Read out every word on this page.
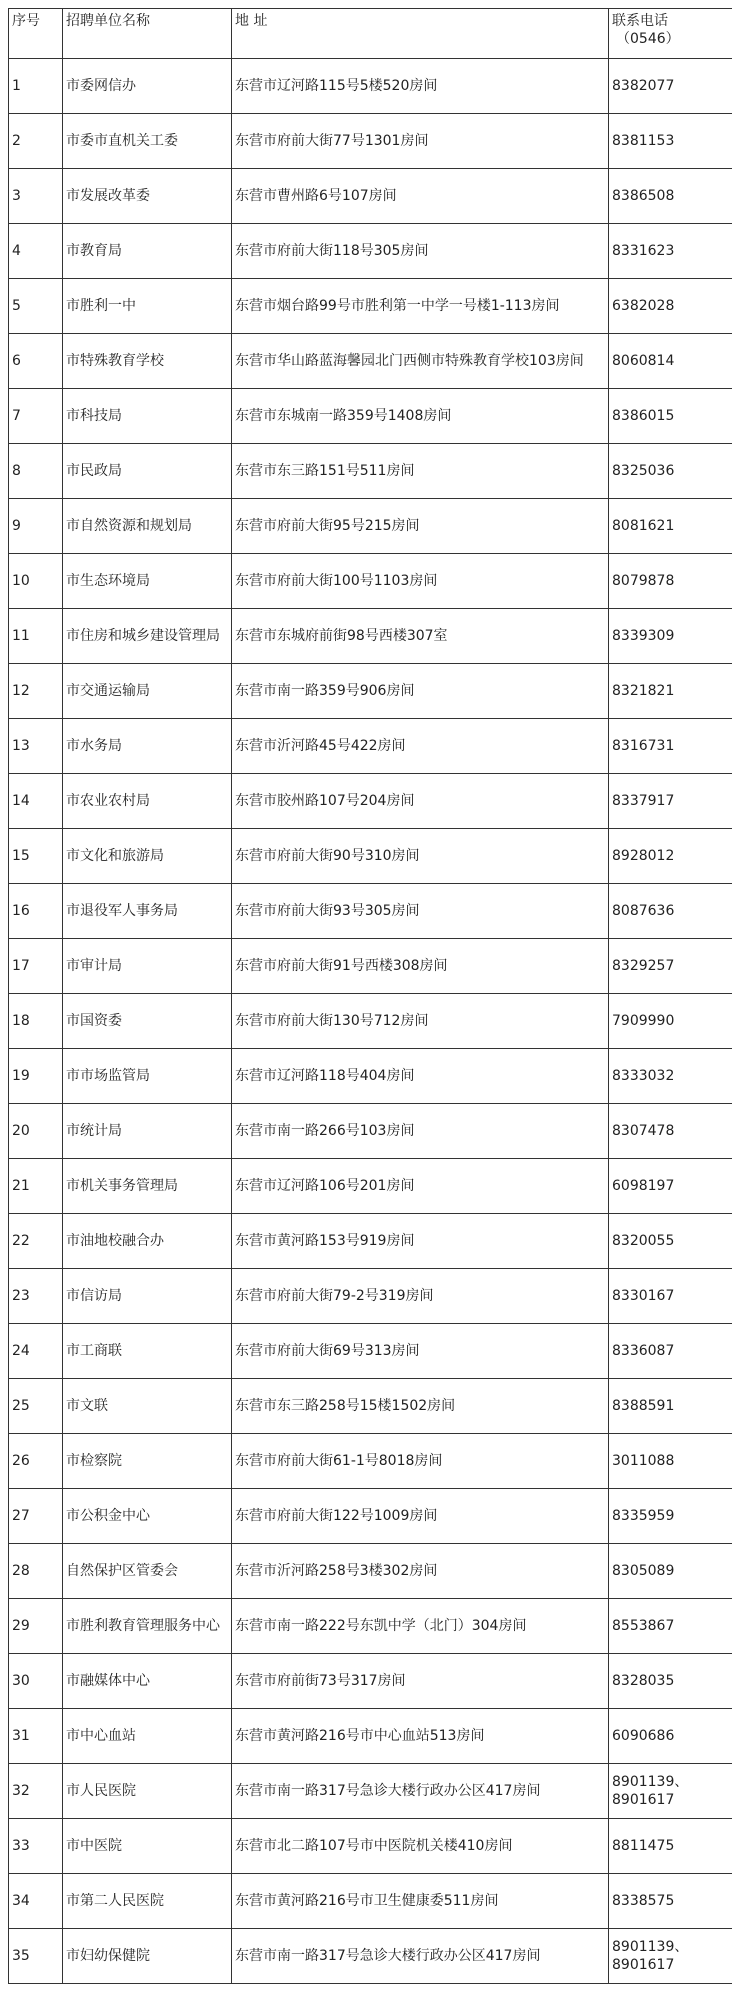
序号	招聘单位名称	地 址	联系电话
（0546）

1	市委网信办	东营市辽河路115号5楼520房间	8382077
2	市委市直机关工委	东营市府前大街77号1301房间	8381153
3	市发展改革委	东营市曹州路6号107房间	8386508
4	市教育局	东营市府前大街118号305房间	8331623
5	市胜利一中	东营市烟台路99号市胜利第一中学一号楼1-113房间	6382028
6	市特殊教育学校	东营市华山路蓝海馨园北门西侧市特殊教育学校103房间	8060814
7	市科技局	东营市东城南一路359号1408房间	8386015
8	市民政局	东营市东三路151号511房间	8325036
9	市自然资源和规划局	东营市府前大街95号215房间	8081621
10	市生态环境局	东营市府前大街100号1103房间	8079878
11	市住房和城乡建设管理局	东营市东城府前街98号西楼307室	8339309
12	市交通运输局	东营市南一路359号906房间	8321821
13	市水务局	东营市沂河路45号422房间	8316731
14	市农业农村局	东营市胶州路107号204房间	8337917
15	市文化和旅游局	东营市府前大街90号310房间	8928012
16	市退役军人事务局	东营市府前大街93号305房间	8087636
17	市审计局	东营市府前大街91号西楼308房间	8329257
18	市国资委	东营市府前大街130号712房间	7909990
19	市市场监管局	东营市辽河路118号404房间	8333032
20	市统计局	东营市南一路266号103房间	8307478
21	市机关事务管理局	东营市辽河路106号201房间	6098197
22	市油地校融合办	东营市黄河路153号919房间	8320055
23	市信访局	东营市府前大街79-2号319房间	8330167
24	市工商联	东营市府前大街69号313房间	8336087
25	市文联	东营市东三路258号15楼1502房间	8388591
26	市检察院	东营市府前大街61-1号8018房间	3011088
27	市公积金中心	东营市府前大街122号1009房间	8335959
28	自然保护区管委会	东营市沂河路258号3楼302房间	8305089
29	市胜利教育管理服务中心	东营市南一路222号东凯中学（北门）304房间	8553867
30	市融媒体中心	东营市府前街73号317房间	8328035
31	市中心血站	东营市黄河路216号市中心血站513房间	6090686
32	市人民医院	东营市南一路317号急诊大楼行政办公区417房间	8901139、8901617
33	市中医院	东营市北二路107号市中医院机关楼410房间	8811475
34	市第二人民医院	东营市黄河路216号市卫生健康委511房间	8338575
35	市妇幼保健院	东营市南一路317号急诊大楼行政办公区417房间	8901139、8901617
